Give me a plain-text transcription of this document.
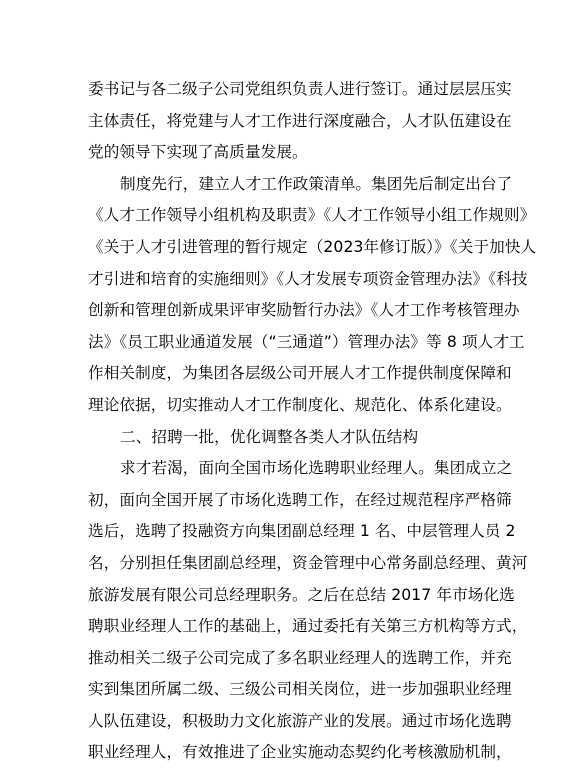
委书记与各二级子公司党组织负责人进行签订。通过层层压实
主体责任，将党建与人才工作进行深度融合，人才队伍建设在
党的领导下实现了高质量发展。
制度先行，建立人才工作政策清单。集团先后制定出台了
《人才工作领导小组机构及职责》《人才工作领导小组工作规则》
《关于人才引进管理的暂行规定（2023年修订版）》《关于加快人
才引进和培育的实施细则》《人才发展专项资金管理办法》《科技
创新和管理创新成果评审奖励暂行办法》《人才工作考核管理办
法》《员工职业通道发展（“三通道”）管理办法》等 8 项人才工
作相关制度，为集团各层级公司开展人才工作提供制度保障和
理论依据，切实推动人才工作制度化、规范化、体系化建设。
二、招聘一批，优化调整各类人才队伍结构
求才若渴，面向全国市场化选聘职业经理人。集团成立之
初，面向全国开展了市场化选聘工作，在经过规范程序严格筛
选后，选聘了投融资方向集团副总经理 1 名、中层管理人员 2
名，分别担任集团副总经理，资金管理中心常务副总经理、黄河
旅游发展有限公司总经理职务。之后在总结 2017 年市场化选
聘职业经理人工作的基础上，通过委托有关第三方机构等方式，
推动相关二级子公司完成了多名职业经理人的选聘工作，并充
实到集团所属二级、三级公司相关岗位，进一步加强职业经理
人队伍建设，积极助力文化旅游产业的发展。通过市场化选聘
职业经理人，有效推进了企业实施动态契约化考核激励机制，
